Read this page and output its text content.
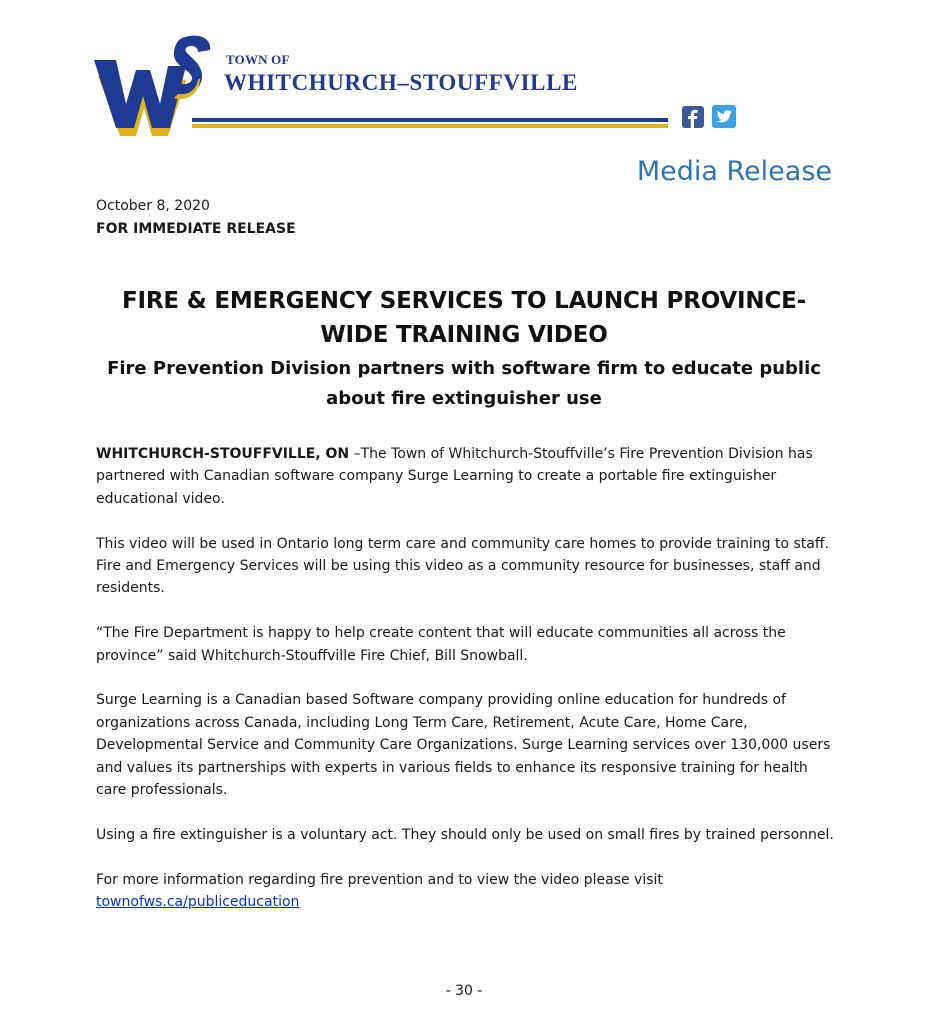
TOWN OF
WHITCHURCH–STOUFFVILLE
Media Release
October 8, 2020
FOR IMMEDIATE RELEASE
FIRE & EMERGENCY SERVICES TO LAUNCH PROVINCE-WIDE TRAINING VIDEO
Fire Prevention Division partners with software firm to educate public about fire extinguisher use

WHITCHURCH-STOUFFVILLE, ON –The Town of Whitchurch-Stouffville’s Fire Prevention Division has partnered with Canadian software company Surge Learning to create a portable fire extinguisher educational video.

This video will be used in Ontario long term care and community care homes to provide training to staff. Fire and Emergency Services will be using this video as a community resource for businesses, staff and residents.

“The Fire Department is happy to help create content that will educate communities all across the province” said Whitchurch-Stouffville Fire Chief, Bill Snowball.

Surge Learning is a Canadian based Software company providing online education for hundreds of organizations across Canada, including Long Term Care, Retirement, Acute Care, Home Care, Developmental Service and Community Care Organizations. Surge Learning services over 130,000 users and values its partnerships with experts in various fields to enhance its responsive training for health care professionals.

Using a fire extinguisher is a voluntary act. They should only be used on small fires by trained personnel.

For more information regarding fire prevention and to view the video please visit
townofws.ca/publiceducation

- 30 -
